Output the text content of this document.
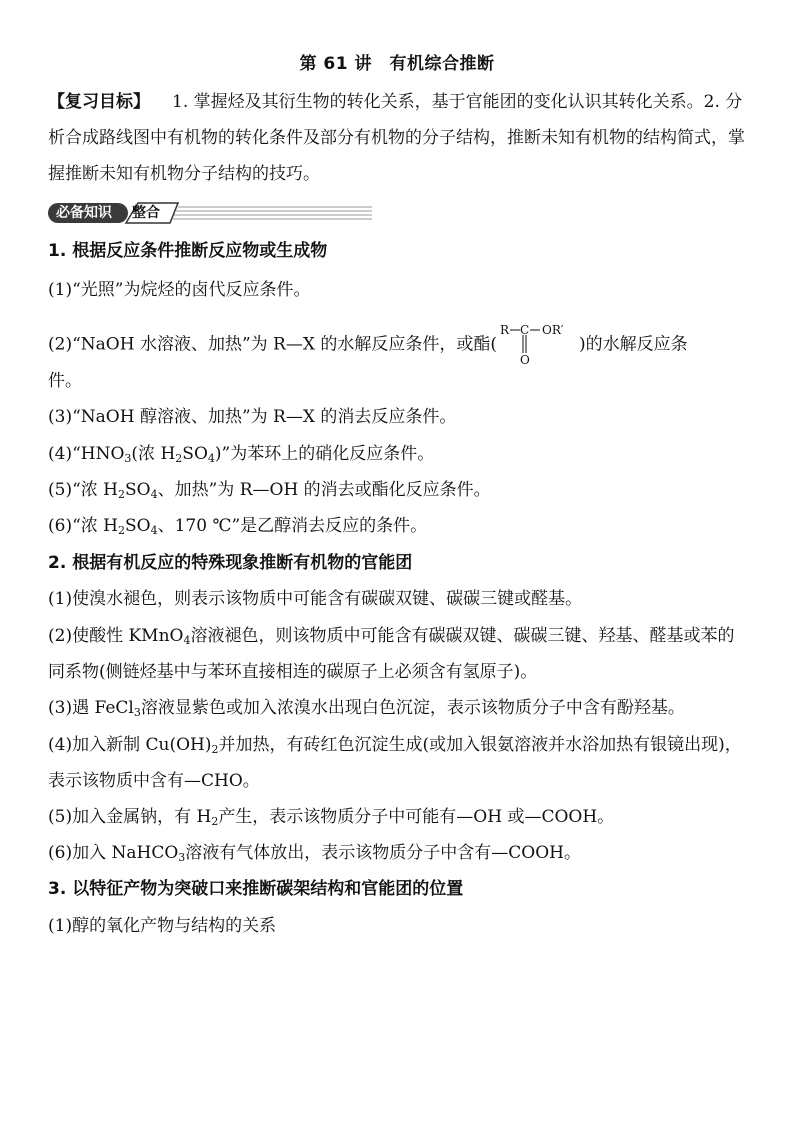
第 61 讲　有机综合推断
【复习目标】 1. 掌握烃及其衍生物的转化关系，基于官能团的变化认识其转化关系。2. 分析合成路线图中有机物的转化条件及部分有机物的分子结构，推断未知有机物的结构简式，掌握推断未知有机物分子结构的技巧。
必备知识 整合
1. 根据反应条件推断反应物或生成物
(1)“光照”为烷烃的卤代反应条件。
(2)“NaOH 水溶液、加热”为 R—X 的水解反应条件，或酯(
R C OR′
O
)的水解反应条
件。
(3)“NaOH 醇溶液、加热”为 R—X 的消去反应条件。
$(4)“HNO_3$(浓 $H_2SO_4$)”为苯环上的硝化反应条件。
(5)“浓 $H_2SO_4$、加热”为 R—OH 的消去或酯化反应条件。
(6)“浓 $H_2SO_4$、170 ℃”是乙醇消去反应的条件。
2. 根据有机反应的特殊现象推断有机物的官能团
(1)使溴水褪色，则表示该物质中可能含有碳碳双键、碳碳三键或醛基。
(2)使酸性 KMnO$_4$溶液褪色，则该物质中可能含有碳碳双键、碳碳三键、羟基、醛基或苯的同系物(侧链烃基中与苯环直接相连的碳原子上必须含有氢原子)。
(3)遇 FeCl$_3$溶液显紫色或加入浓溴水出现白色沉淀，表示该物质分子中含有酚羟基。
(4)加入新制 $Cu(OH)_2$并加热，有砖红色沉淀生成(或加入银氨溶液并水浴加热有银镜出现)，表示该物质中含有—CHO。
(5)加入金属钠，有 $H_2$产生，表示该物质分子中可能有—OH 或—COOH。
(6)加入 NaHCO$_3$溶液有气体放出，表示该物质分子中含有—COOH。
3. 以特征产物为突破口来推断碳架结构和官能团的位置
(1)醇的氧化产物与结构的关系
